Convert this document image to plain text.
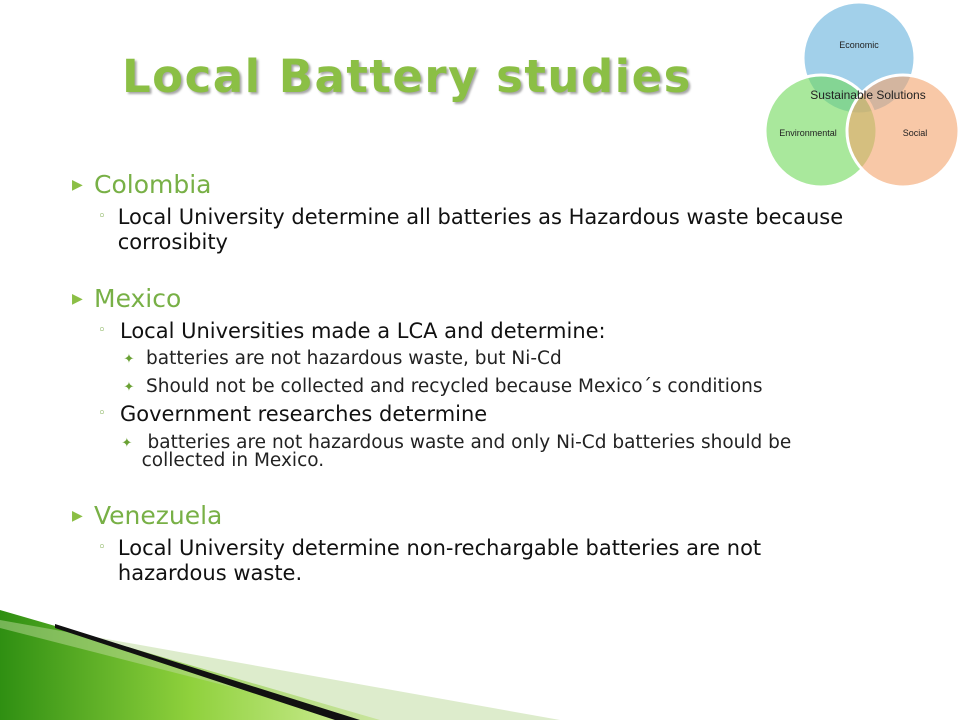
Local Battery studies
Economic
Sustainable Solutions
Environmental	Social
▶ Colombia
◦ Local University determine all batteries as Hazardous waste because corrosibity
▶ Mexico
◦ Local Universities made a LCA and determine:
✦ batteries are not hazardous waste, but Ni-Cd
✦ Should not be collected and recycled because Mexico´s conditions
◦ Government researches determine
✦ batteries are not hazardous waste and only Ni-Cd batteries should be collected in Mexico.
▶ Venezuela
◦ Local University determine non-rechargable batteries are not hazardous waste.
